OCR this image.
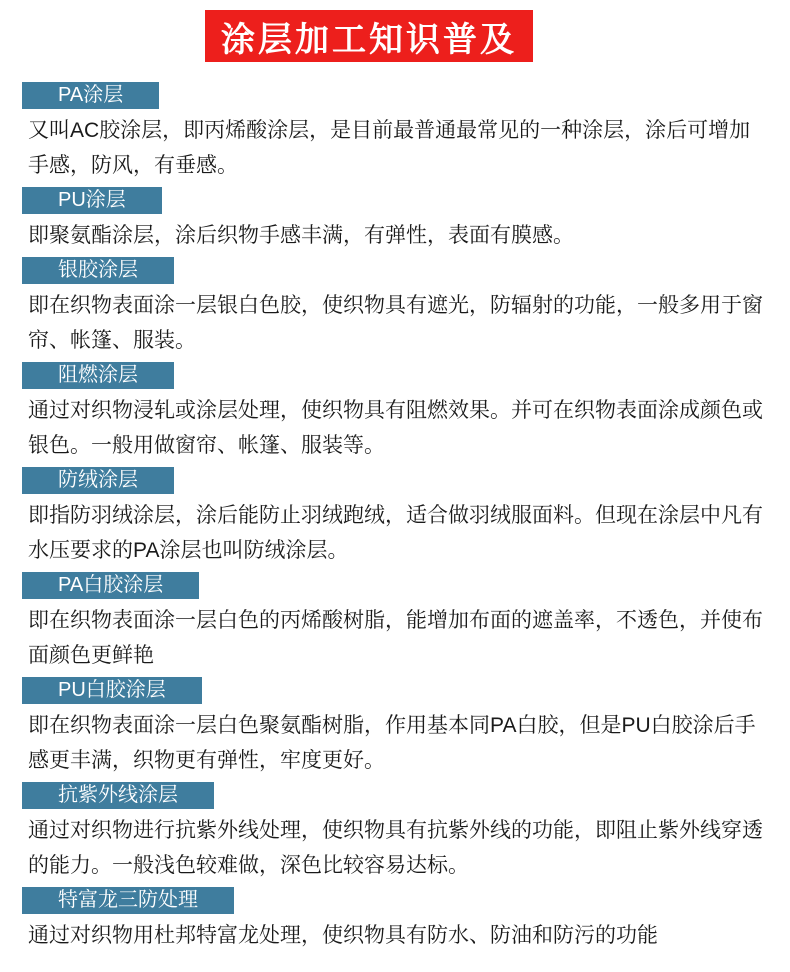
涂层加工知识普及
PA涂层
又叫AC胶涂层，即丙烯酸涂层，是目前最普通最常见的一种涂层，涂后可增加手感，防风，有垂感。
PU涂层
即聚氨酯涂层，涂后织物手感丰满，有弹性，表面有膜感。
银胶涂层
即在织物表面涂一层银白色胶，使织物具有遮光，防辐射的功能，一般多用于窗帘、帐篷、服装。
阻燃涂层
通过对织物浸轧或涂层处理，使织物具有阻燃效果。并可在织物表面涂成颜色或银色。一般用做窗帘、帐篷、服装等。
防绒涂层
即指防羽绒涂层，涂后能防止羽绒跑绒，适合做羽绒服面料。但现在涂层中凡有水压要求的PA涂层也叫防绒涂层。
PA白胶涂层
即在织物表面涂一层白色的丙烯酸树脂，能增加布面的遮盖率，不透色，并使布面颜色更鲜艳
PU白胶涂层
即在织物表面涂一层白色聚氨酯树脂，作用基本同PA白胶，但是PU白胶涂后手感更丰满，织物更有弹性，牢度更好。
抗紫外线涂层
通过对织物进行抗紫外线处理，使织物具有抗紫外线的功能，即阻止紫外线穿透的能力。一般浅色较难做，深色比较容易达标。
特富龙三防处理
通过对织物用杜邦特富龙处理，使织物具有防水、防油和防污的功能
